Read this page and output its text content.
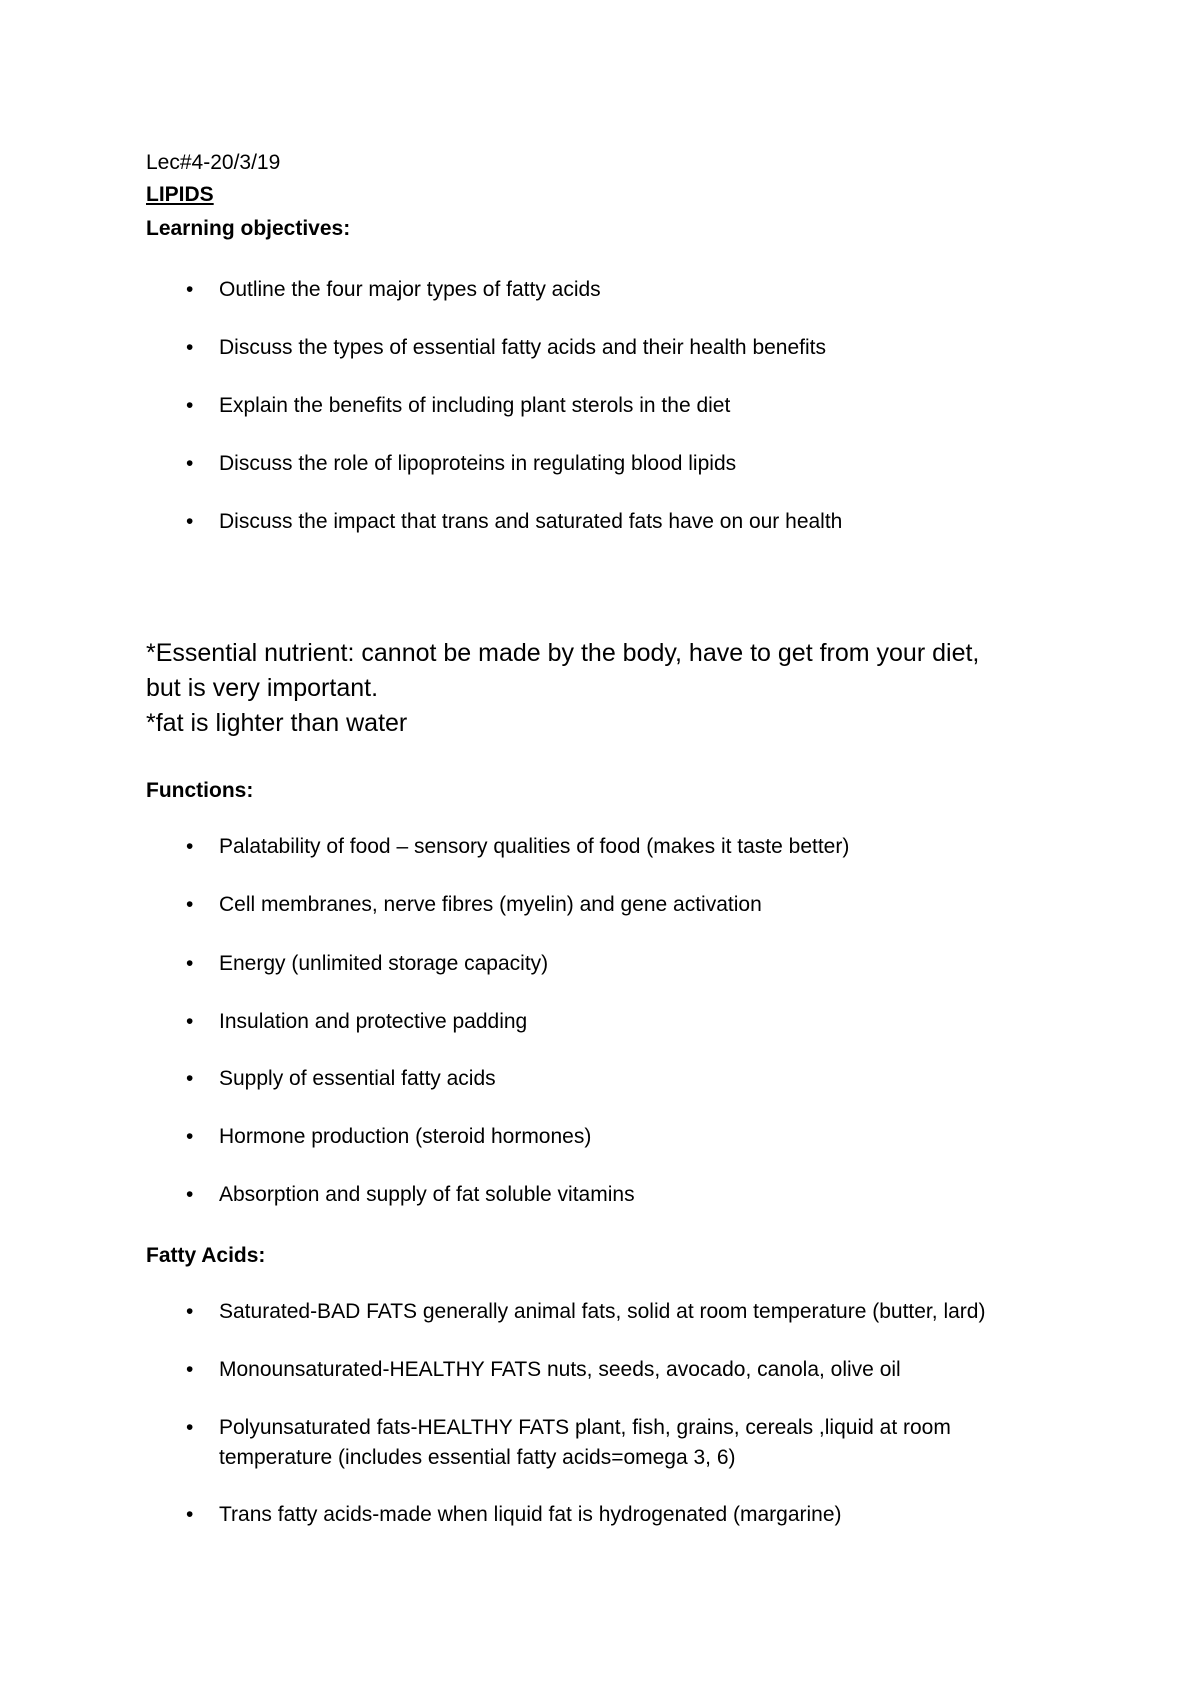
Lec#4-20/3/19
LIPIDS
Learning objectives:
•	Outline the four major types of fatty acids
•	Discuss the types of essential fatty acids and their health benefits
•	Explain the benefits of including plant sterols in the diet
•	Discuss the role of lipoproteins in regulating blood lipids
•	Discuss the impact that trans and saturated fats have on our health
*Essential nutrient: cannot be made by the body, have to get from your diet,
but is very important.
*fat is lighter than water
Functions:
•	Palatability of food – sensory qualities of food (makes it taste better)
•	Cell membranes, nerve fibres (myelin) and gene activation
•	Energy (unlimited storage capacity)
•	Insulation and protective padding
•	Supply of essential fatty acids
•	Hormone production (steroid hormones)
•	Absorption and supply of fat soluble vitamins
Fatty Acids:
•	Saturated-BAD FATS generally animal fats, solid at room temperature (butter, lard)
•	Monounsaturated-HEALTHY FATS nuts, seeds, avocado, canola, olive oil
•	Polyunsaturated fats-HEALTHY FATS plant, fish, grains, cereals ,liquid at room temperature (includes essential fatty acids=omega 3, 6)
•	Trans fatty acids-made when liquid fat is hydrogenated (margarine)
